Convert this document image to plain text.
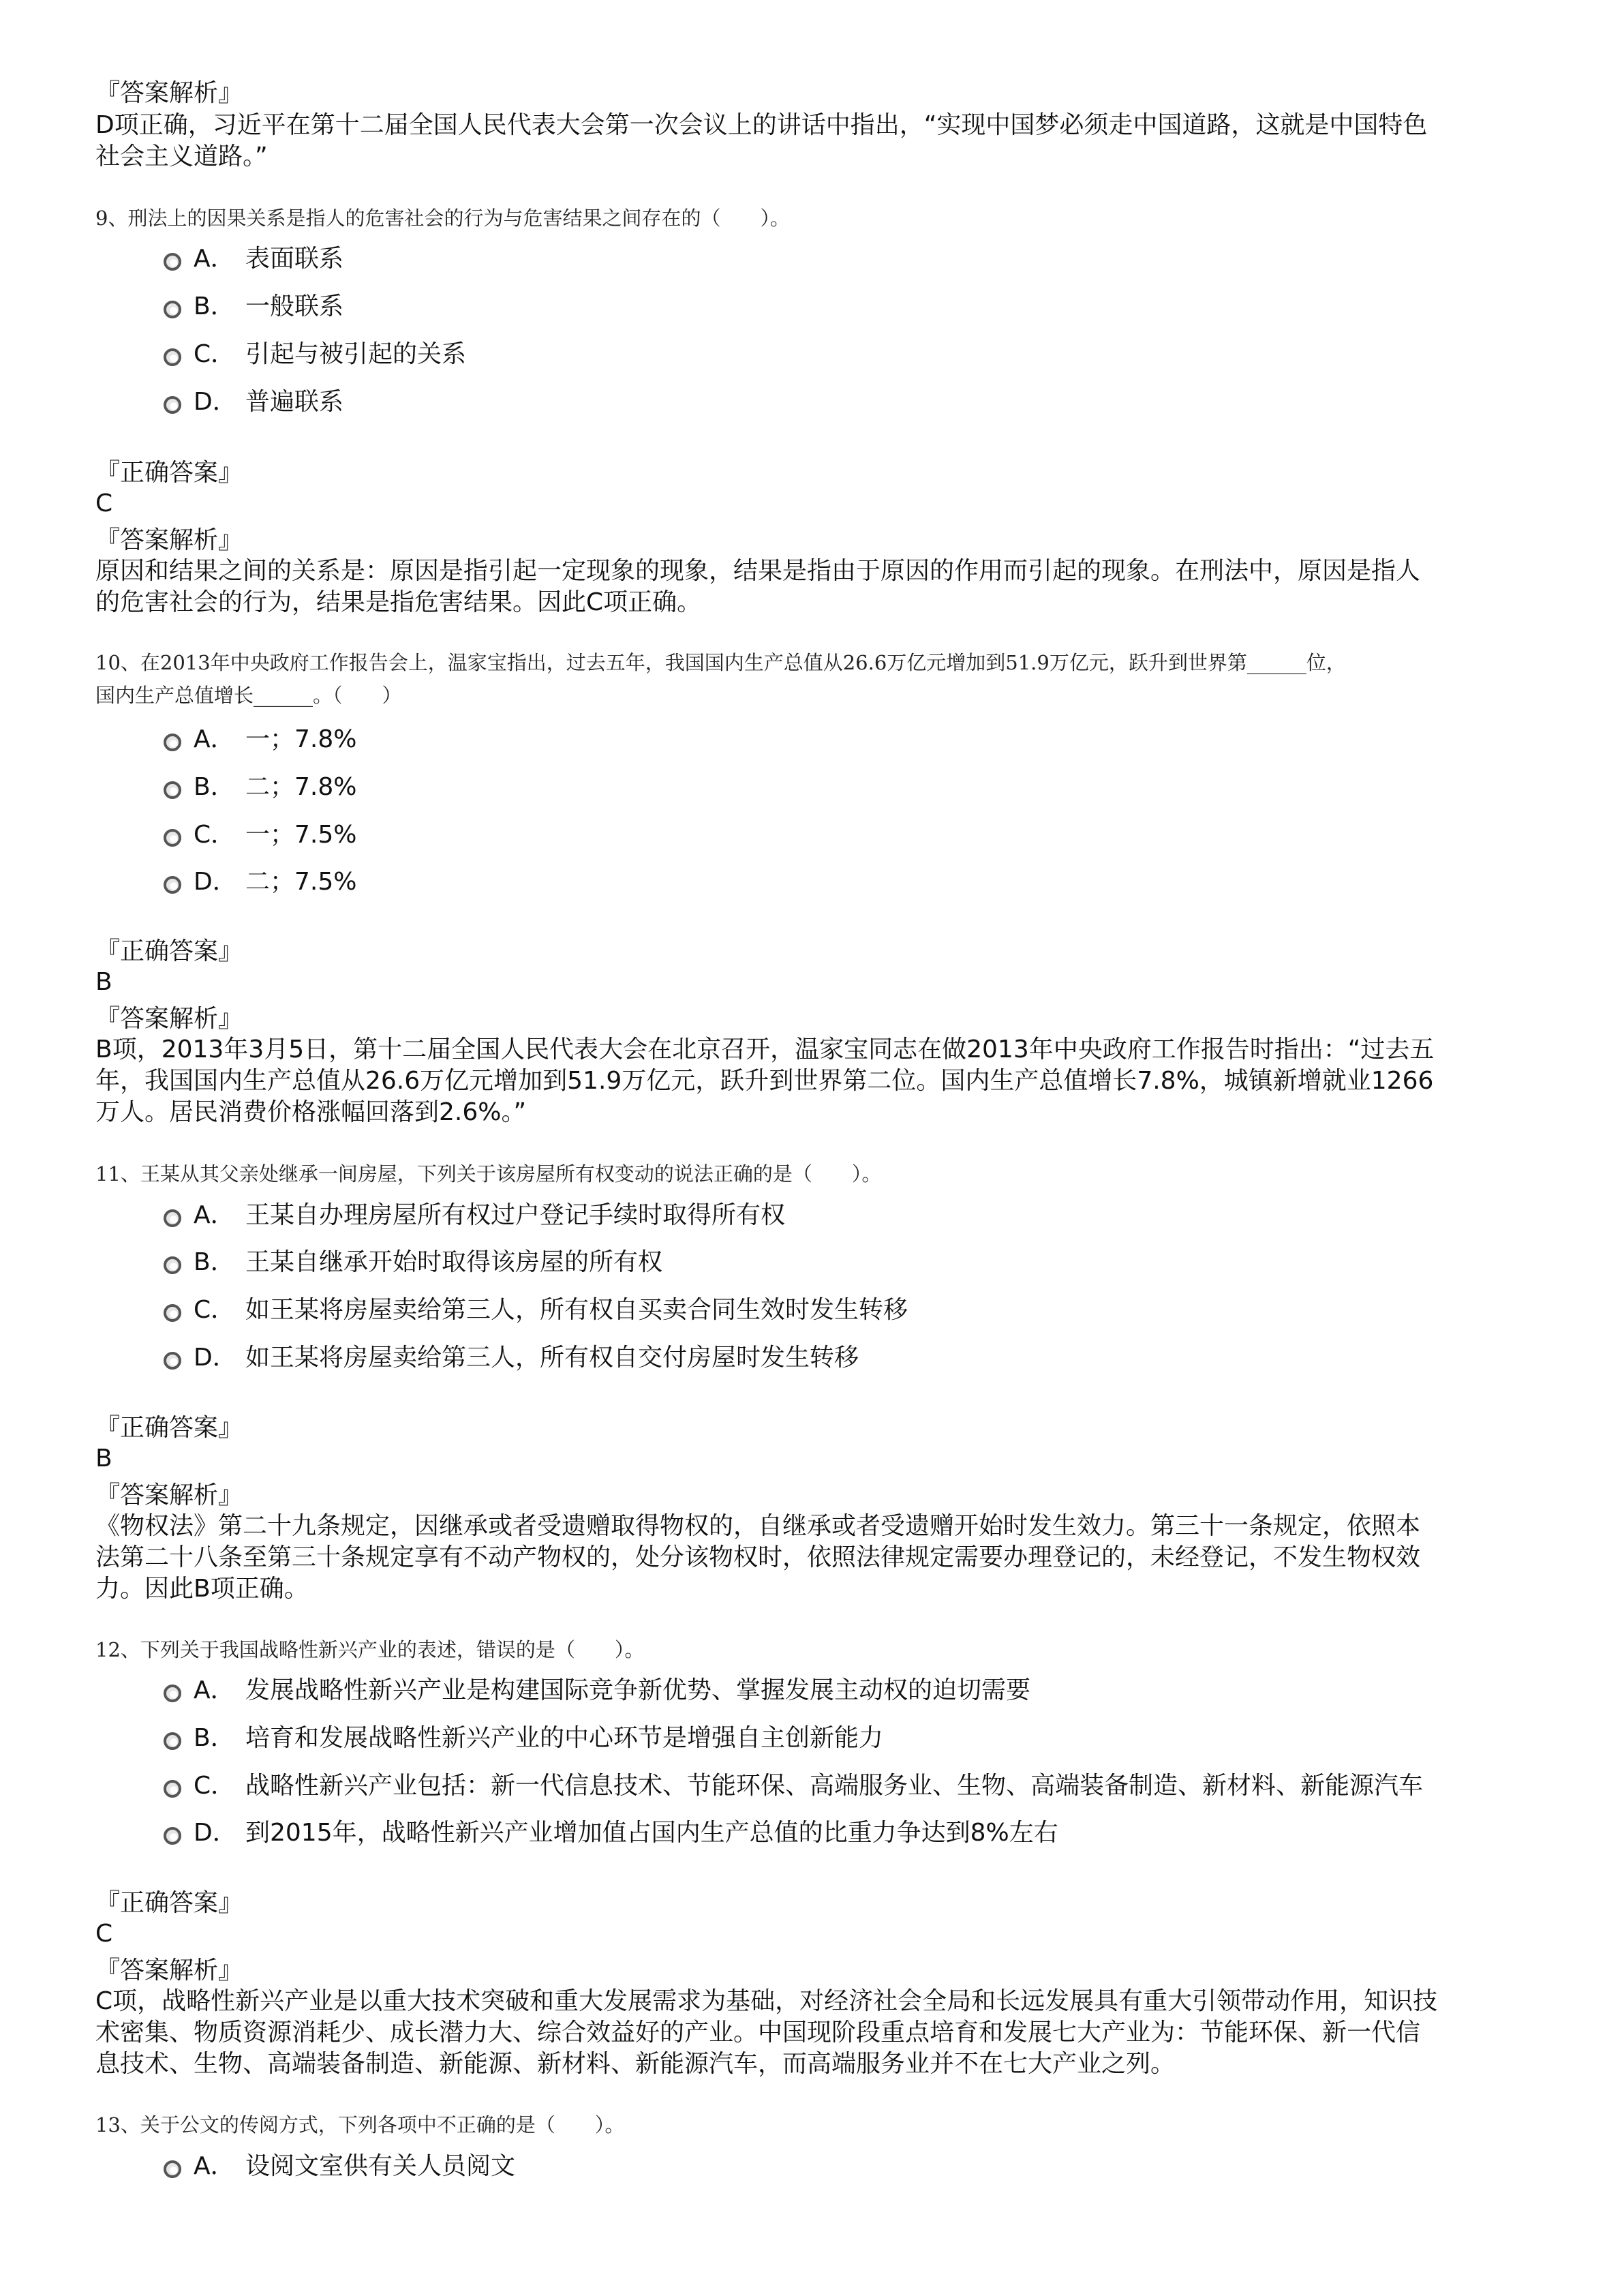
『答案解析』
D项正确，习近平在第十二届全国人民代表大会第一次会议上的讲话中指出，“实现中国梦必须走中国道路，这就是中国特色
社会主义道路。”
9、刑法上的因果关系是指人的危害社会的行为与危害结果之间存在的（　　）。
A． 表面联系
B． 一般联系
C． 引起与被引起的关系
D． 普遍联系
『正确答案』
C
『答案解析』
原因和结果之间的关系是：原因是指引起一定现象的现象，结果是指由于原因的作用而引起的现象。在刑法中，原因是指人
的危害社会的行为，结果是指危害结果。因此C项正确。
10、在2013年中央政府工作报告会上，温家宝指出，过去五年，我国国内生产总值从26.6万亿元增加到51.9万亿元，跃升到世界第______位，
国内生产总值增长______。（　　）
A． 一；7.8%
B． 二；7.8%
C． 一；7.5%
D． 二；7.5%
『正确答案』
B
『答案解析』
B项，2013年3月5日，第十二届全国人民代表大会在北京召开，温家宝同志在做2013年中央政府工作报告时指出：“过去五
年，我国国内生产总值从26.6万亿元增加到51.9万亿元，跃升到世界第二位。国内生产总值增长7.8%，城镇新增就业1266
万人。居民消费价格涨幅回落到2.6%。”
11、王某从其父亲处继承一间房屋，下列关于该房屋所有权变动的说法正确的是（　　）。
A． 王某自办理房屋所有权过户登记手续时取得所有权
B． 王某自继承开始时取得该房屋的所有权
C． 如王某将房屋卖给第三人，所有权自买卖合同生效时发生转移
D． 如王某将房屋卖给第三人，所有权自交付房屋时发生转移
『正确答案』
B
『答案解析』
《物权法》第二十九条规定，因继承或者受遗赠取得物权的，自继承或者受遗赠开始时发生效力。第三十一条规定，依照本
法第二十八条至第三十条规定享有不动产物权的，处分该物权时，依照法律规定需要办理登记的，未经登记，不发生物权效
力。因此B项正确。
12、下列关于我国战略性新兴产业的表述，错误的是（　　）。
A． 发展战略性新兴产业是构建国际竞争新优势、掌握发展主动权的迫切需要
B． 培育和发展战略性新兴产业的中心环节是增强自主创新能力
C． 战略性新兴产业包括：新一代信息技术、节能环保、高端服务业、生物、高端装备制造、新材料、新能源汽车
D． 到2015年，战略性新兴产业增加值占国内生产总值的比重力争达到8%左右
『正确答案』
C
『答案解析』
C项，战略性新兴产业是以重大技术突破和重大发展需求为基础，对经济社会全局和长远发展具有重大引领带动作用，知识技
术密集、物质资源消耗少、成长潜力大、综合效益好的产业。中国现阶段重点培育和发展七大产业为：节能环保、新一代信
息技术、生物、高端装备制造、新能源、新材料、新能源汽车，而高端服务业并不在七大产业之列。
13、关于公文的传阅方式，下列各项中不正确的是（　　）。
A． 设阅文室供有关人员阅文
